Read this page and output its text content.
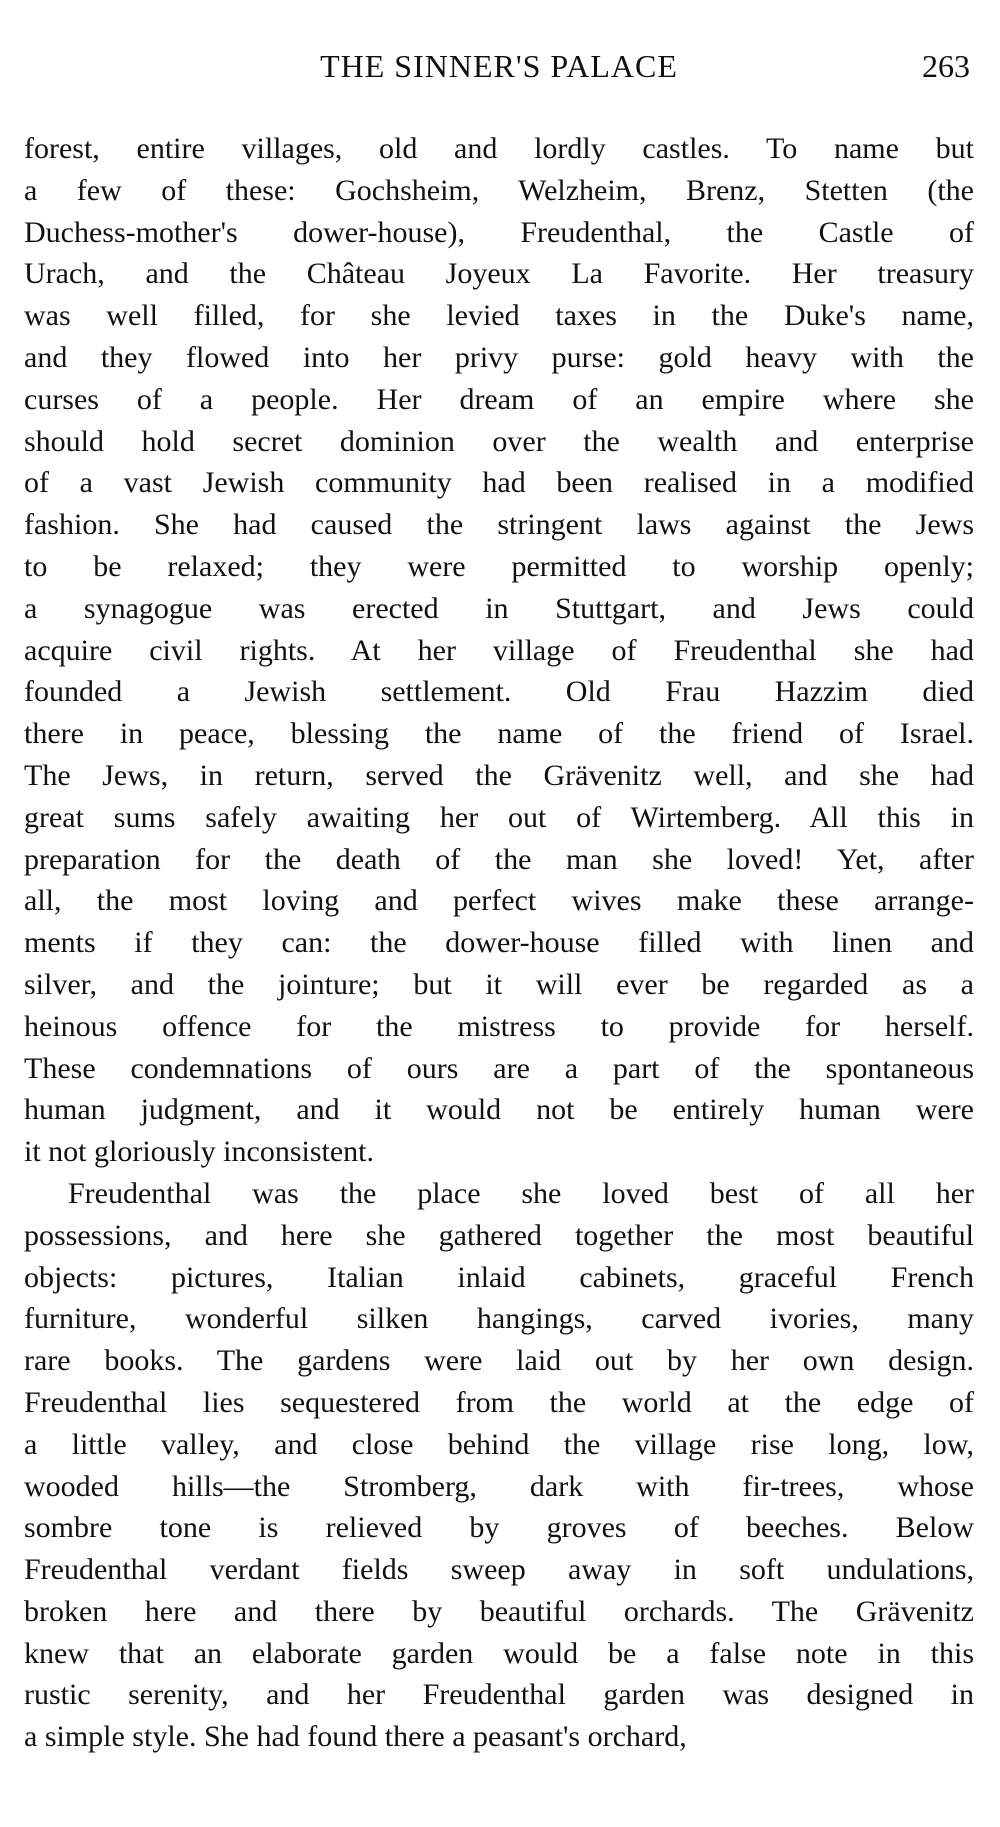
THE SINNER'S PALACE	263
forest, entire villages, old and lordly castles. To name but
a few of these: Gochsheim, Welzheim, Brenz, Stetten (the
Duchess-mother's dower-house), Freudenthal, the Castle of
Urach, and the Château Joyeux La Favorite. Her treasury
was well filled, for she levied taxes in the Duke's name,
and they flowed into her privy purse: gold heavy with the
curses of a people. Her dream of an empire where she
should hold secret dominion over the wealth and enterprise
of a vast Jewish community had been realised in a modified
fashion. She had caused the stringent laws against the Jews
to be relaxed; they were permitted to worship openly;
a synagogue was erected in Stuttgart, and Jews could
acquire civil rights. At her village of Freudenthal she had
founded a Jewish settlement. Old Frau Hazzim died
there in peace, blessing the name of the friend of Israel.
The Jews, in return, served the Grävenitz well, and she had
great sums safely awaiting her out of Wirtemberg. All this in
preparation for the death of the man she loved! Yet, after
all, the most loving and perfect wives make these arrange-
ments if they can: the dower-house filled with linen and
silver, and the jointure; but it will ever be regarded as a
heinous offence for the mistress to provide for herself.
These condemnations of ours are a part of the spontaneous
human judgment, and it would not be entirely human were
it not gloriously inconsistent.
Freudenthal was the place she loved best of all her
possessions, and here she gathered together the most beautiful
objects: pictures, Italian inlaid cabinets, graceful French
furniture, wonderful silken hangings, carved ivories, many
rare books. The gardens were laid out by her own design.
Freudenthal lies sequestered from the world at the edge of
a little valley, and close behind the village rise long, low,
wooded hills—the Stromberg, dark with fir-trees, whose
sombre tone is relieved by groves of beeches. Below
Freudenthal verdant fields sweep away in soft undulations,
broken here and there by beautiful orchards. The Grävenitz
knew that an elaborate garden would be a false note in this
rustic serenity, and her Freudenthal garden was designed in
a simple style. She had found there a peasant's orchard,
